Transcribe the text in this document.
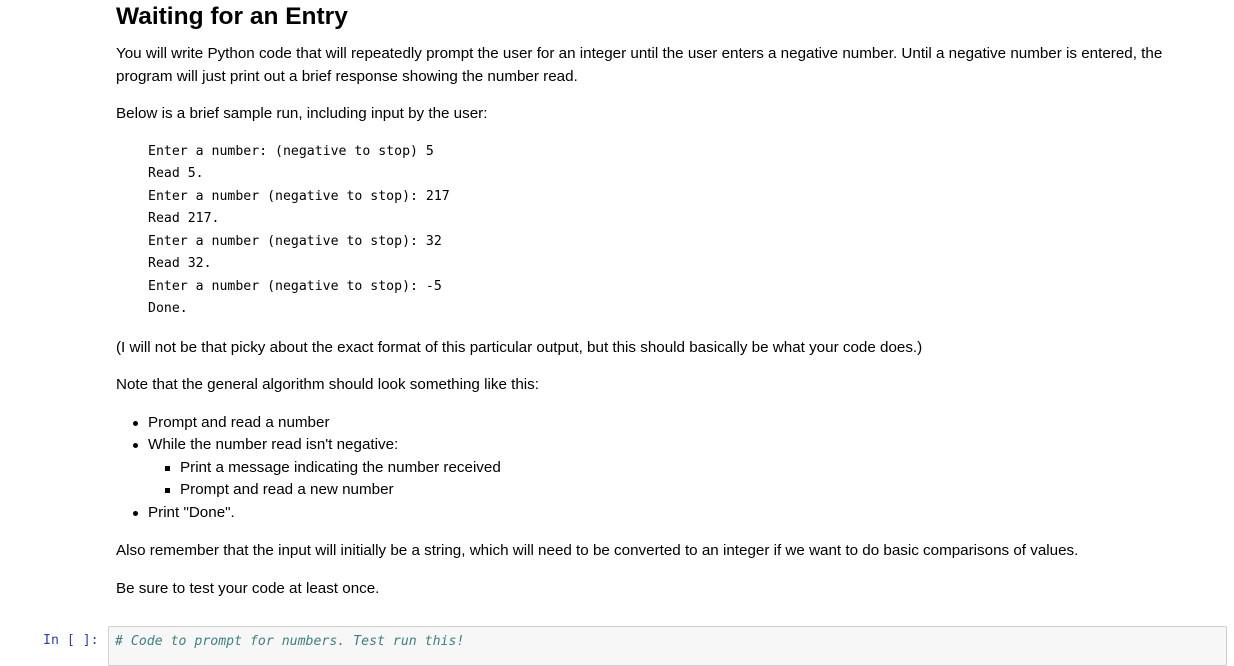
Waiting for an Entry

You will write Python code that will repeatedly prompt the user for an integer until the user enters a negative number. Until a negative number is entered, the program will just print out a brief response showing the number read.

Below is a brief sample run, including input by the user:

Enter a number: (negative to stop) 5
Read 5.
Enter a number (negative to stop): 217
Read 217.
Enter a number (negative to stop): 32
Read 32.
Enter a number (negative to stop): -5
Done.

(I will not be that picky about the exact format of this particular output, but this should basically be what your code does.)

Note that the general algorithm should look something like this:

Prompt and read a number
While the number read isn't negative:
Print a message indicating the number received
Prompt and read a new number
Print "Done".

Also remember that the input will initially be a string, which will need to be converted to an integer if we want to do basic comparisons of values.

Be sure to test your code at least once.

In [ ]: # Code to prompt for numbers. Test run this!
